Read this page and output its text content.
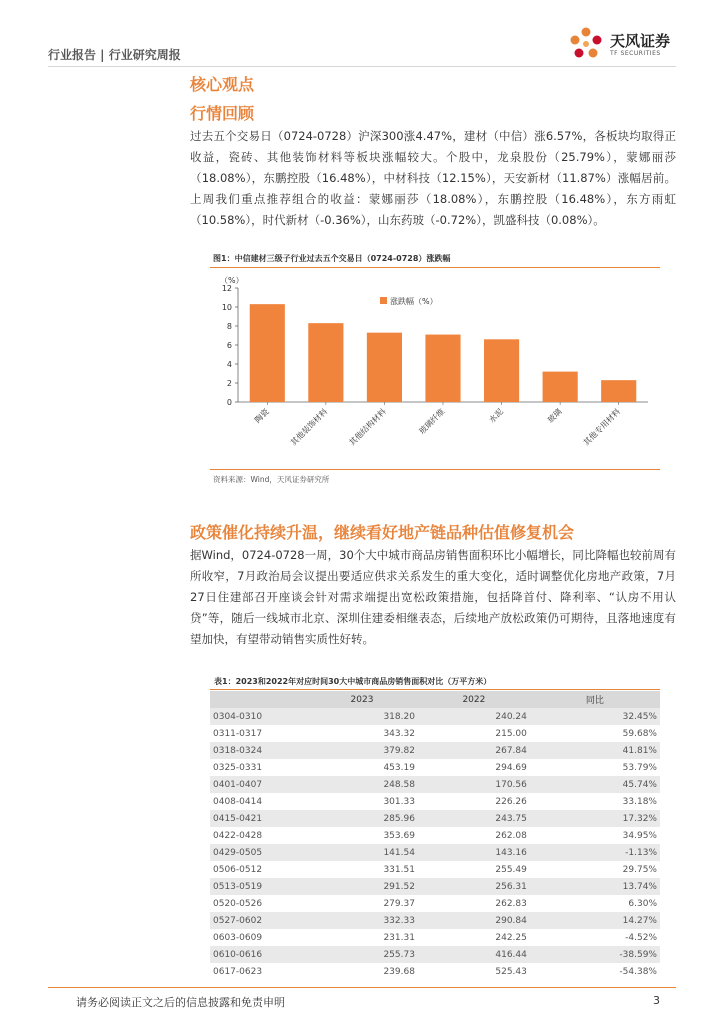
行业报告 | 行业研究周报
天风证券
TF SECURITIES
核心观点
行情回顾
过去五个交易日（0724-0728）沪深300涨4.47%，建材（中信）涨6.57%，各板块均取得正收益，瓷砖、其他装饰材料等板块涨幅较大。个股中，龙泉股份（25.79%），蒙娜丽莎（18.08%），东鹏控股（16.48%），中材科技（12.15%），天安新材（11.87%）涨幅居前。上周我们重点推荐组合的收益：蒙娜丽莎（18.08%），东鹏控股（16.48%），东方雨虹（10.58%），时代新材（-0.36%），山东药玻（-0.72%），凯盛科技（0.08%）。
图1：中信建材三级子行业过去五个交易日（0724-0728）涨跌幅
（%）
0
2
4
6
8
10
12
陶瓷 其他装饰材料 其他结构材料	玻璃纤维	水泥	玻璃 其他专用材料
涨跌幅（%）
资料来源：Wind，天风证券研究所
政策催化持续升温，继续看好地产链品种估值修复机会
据Wind，0724-0728一周，30个大中城市商品房销售面积环比小幅增长，同比降幅也较前周有所收窄，7月政治局会议提出要适应供求关系发生的重大变化，适时调整优化房地产政策，7月27日住建部召开座谈会针对需求端提出宽松政策措施，包括降首付、降利率、“认房不用认贷”等，随后一线城市北京、深圳住建委相继表态，后续地产放松政策仍可期待，且落地速度有望加快，有望带动销售实质性好转。
表1：2023和2022年对应时间30大中城市商品房销售面积对比（万平方米）
	2023	2022	同比
0304-0310	318.20	240.24	32.45%
0311-0317	343.32	215.00	59.68%
0318-0324	379.82	267.84	41.81%
0325-0331	453.19	294.69	53.79%
0401-0407	248.58	170.56	45.74%
0408-0414	301.33	226.26	33.18%
0415-0421	285.96	243.75	17.32%
0422-0428	353.69	262.08	34.95%
0429-0505	141.54	143.16	-1.13%
0506-0512	331.51	255.49	29.75%
0513-0519	291.52	256.31	13.74%
0520-0526	279.37	262.83	6.30%
0527-0602	332.33	290.84	14.27%
0603-0609	231.31	242.25	-4.52%
0610-0616	255.73	416.44	-38.59%
0617-0623	239.68	525.43	-54.38%
请务必阅读正文之后的信息披露和免责申明	3
